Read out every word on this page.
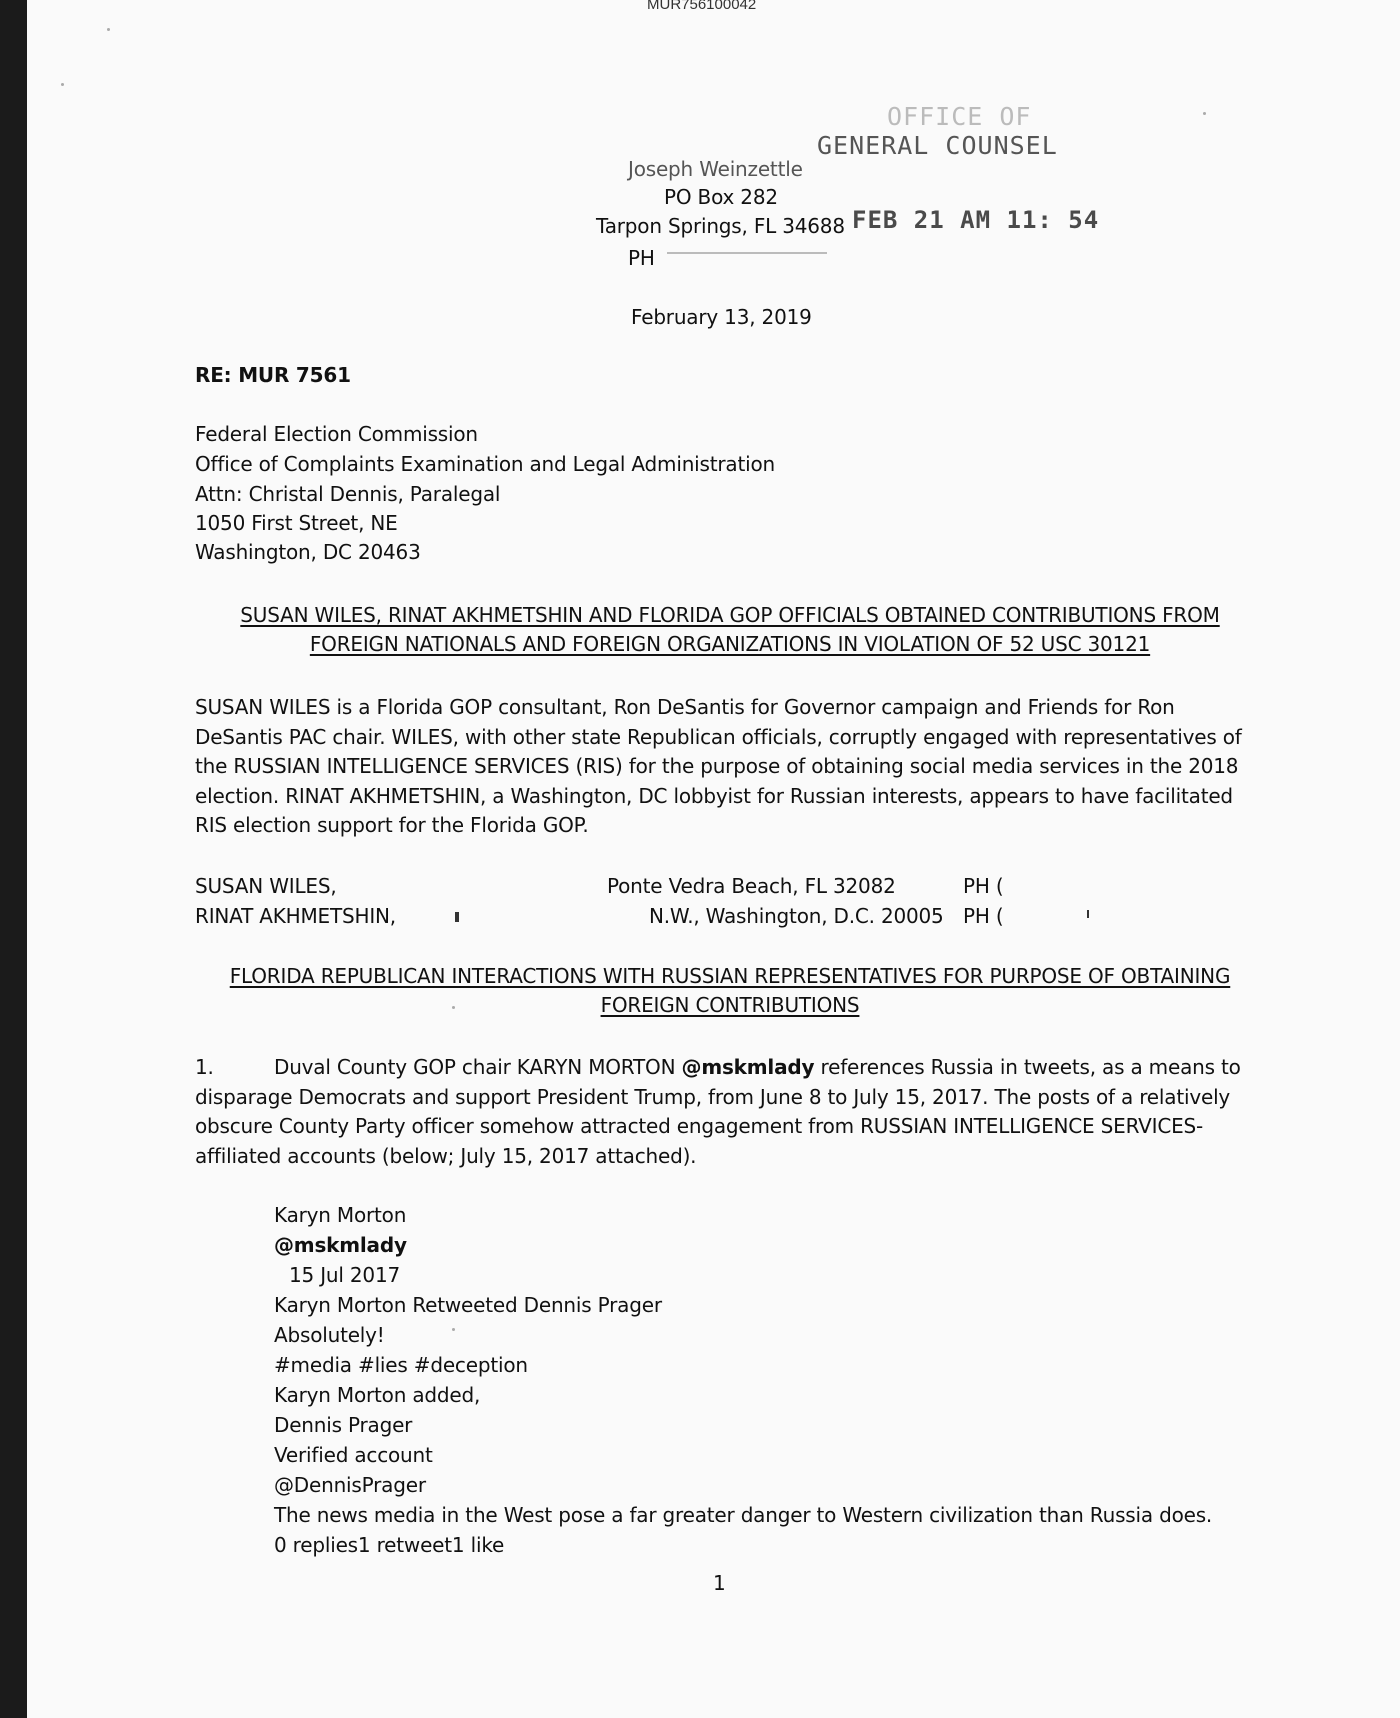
MUR756100042
OFFICE OF
GENERAL COUNSEL
FEB 21 AM 11: 54
Joseph Weinzettle
PO Box 282
Tarpon Springs, FL 34688
PH
February 13, 2019
RE: MUR 7561
Federal Election Commission
Office of Complaints Examination and Legal Administration
Attn: Christal Dennis, Paralegal
1050 First Street, NE
Washington, DC 20463
SUSAN WILES, RINAT AKHMETSHIN AND FLORIDA GOP OFFICIALS OBTAINED CONTRIBUTIONS FROM
FOREIGN NATIONALS AND FOREIGN ORGANIZATIONS IN VIOLATION OF 52 USC 30121
SUSAN WILES is a Florida GOP consultant, Ron DeSantis for Governor campaign and Friends for Ron DeSantis PAC chair. WILES, with other state Republican officials, corruptly engaged with representatives of the RUSSIAN INTELLIGENCE SERVICES (RIS) for the purpose of obtaining social media services in the 2018 election. RINAT AKHMETSHIN, a Washington, DC lobbyist for Russian interests, appears to have facilitated RIS election support for the Florida GOP.
SUSAN WILES,	Ponte Vedra Beach, FL 32082	PH (
RINAT AKHMETSHIN,	N.W., Washington, D.C. 20005 PH (
FLORIDA REPUBLICAN INTERACTIONS WITH RUSSIAN REPRESENTATIVES FOR PURPOSE OF OBTAINING
FOREIGN CONTRIBUTIONS
1.	Duval County GOP chair KARYN MORTON @mskmlady references Russia in tweets, as a means to disparage Democrats and support President Trump, from June 8 to July 15, 2017. The posts of a relatively obscure County Party officer somehow attracted engagement from RUSSIAN INTELLIGENCE SERVICES-affiliated accounts (below; July 15, 2017 attached).
Karyn Morton
@mskmlady
15 Jul 2017
Karyn Morton Retweeted Dennis Prager
Absolutely!
#media #lies #deception
Karyn Morton added,
Dennis Prager
Verified account
@DennisPrager
The news media in the West pose a far greater danger to Western civilization than Russia does.
0 replies1 retweet1 like
1
